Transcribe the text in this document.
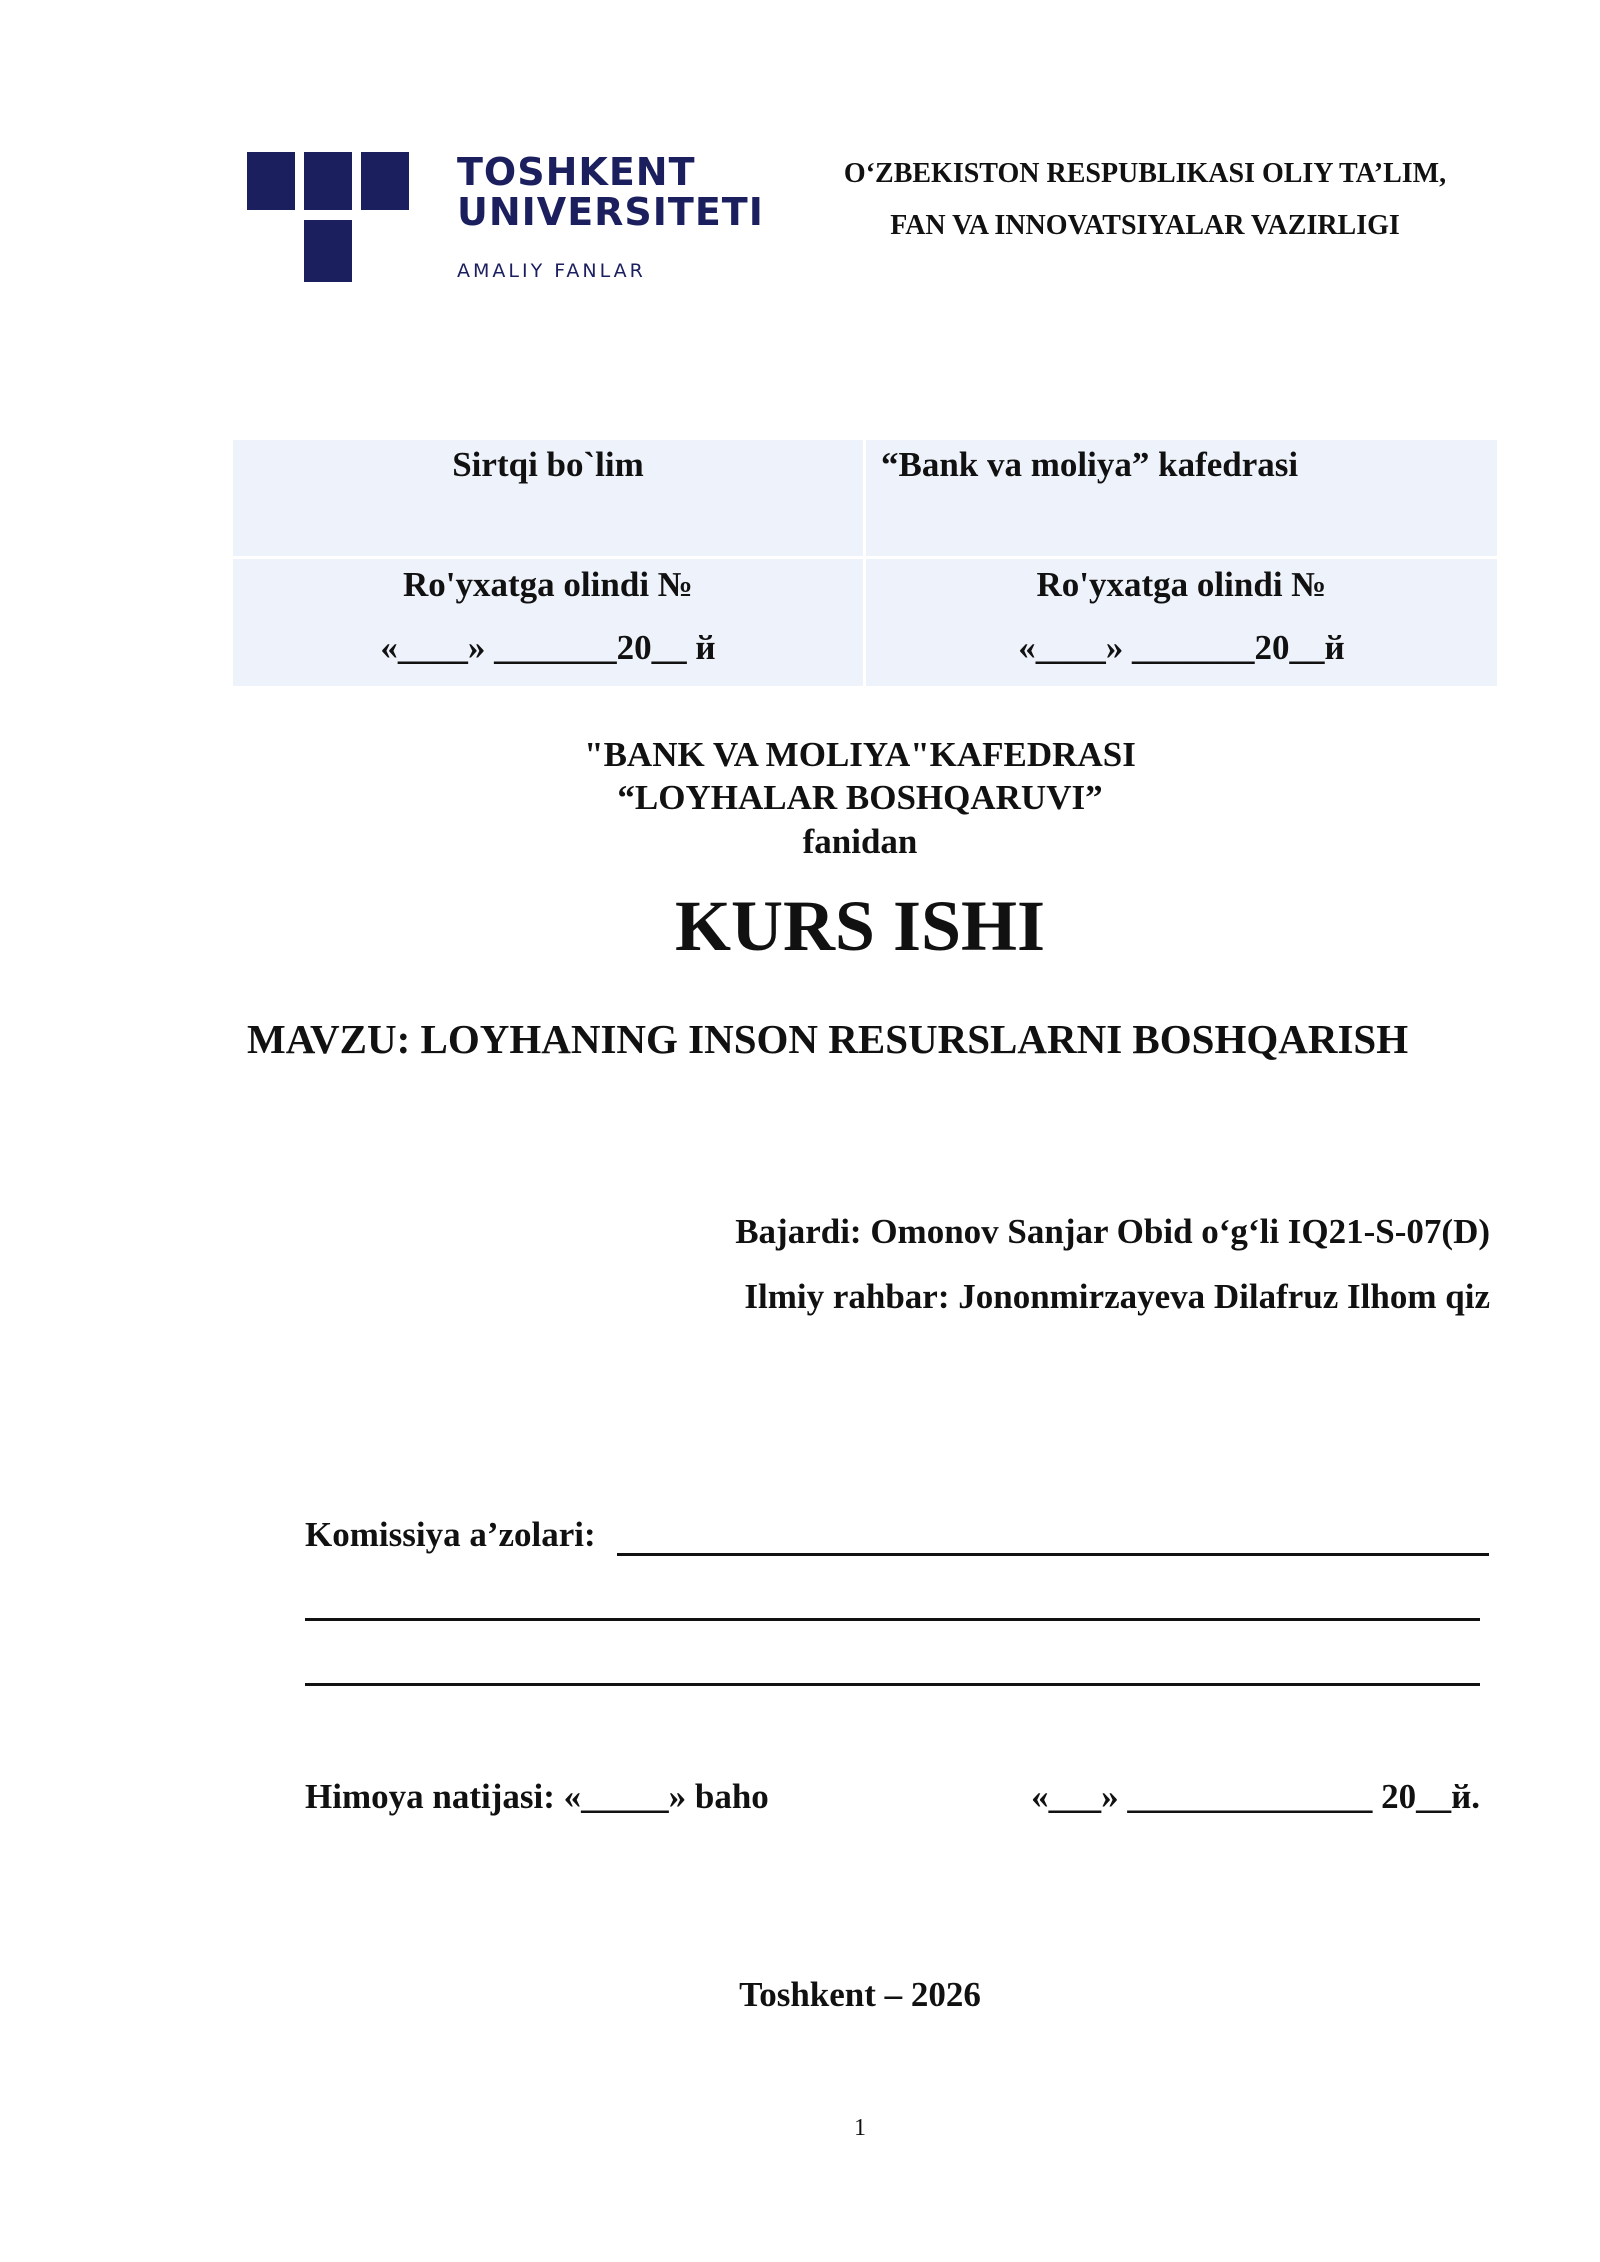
TOSHKENT
UNIVERSITETI
AMALIY FANLAR
O‘ZBEKISTON RESPUBLIKASI OLIY TA’LIM,
FAN VA INNOVATSIYALAR VAZIRLIGI
Sirtqi bo`lim	“Bank va moliya” kafedrasi
Ro'yxatga olindi №
«____» _______20__ й
Ro'yxatga olindi №
«____» _______20__й
"BANK VA MOLIYA"KAFEDRASI
“LOYHALAR BOSHQARUVI”
fanidan
KURS ISHI
MAVZU: LOYHANING INSON RESURSLARNI BOSHQARISH
Bajardi: Omonov Sanjar Obid o‘g‘li IQ21-S-07(D)
Ilmiy rahbar: Jononmirzayeva Dilafruz Ilhom qiz
Komissiya a’zolari:
Himoya natijasi: «_____» baho	«___» ______________ 20__й.
Toshkent – 2026
1
